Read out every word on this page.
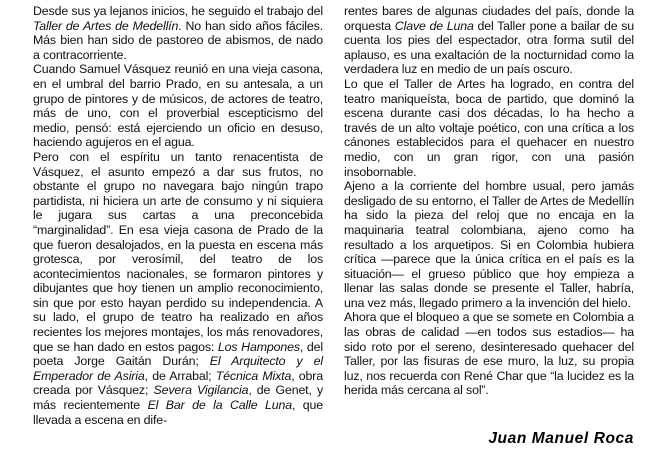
Desde sus ya lejanos inicios, he seguido el trabajo del Taller de Artes de Medellín. No han sido años fáciles. Más bien han sido de pastoreo de abismos, de nado a contracorriente.

Cuando Samuel Vásquez reunió en una vieja casona, en el umbral del barrio Prado, en su antesala, a un grupo de pintores y de músicos, de actores de teatro, más de uno, con el proverbial escepticismo del medio, pensó: está ejerciendo un oficio en desuso, haciendo agujeros en el agua.

Pero con el espíritu un tanto renacentista de Vásquez, el asunto empezó a dar sus frutos, no obstante el grupo no navegara bajo ningún trapo partidista, ni hiciera un arte de consumo y ni siquiera le jugara sus cartas a una preconcebida “marginalidad”. En esa vieja casona de Prado de la que fueron desalojados, en la puesta en escena más grotesca, por verosímil, del teatro de los acontecimientos nacionales, se formaron pintores y dibujantes que hoy tienen un amplio reconocimiento, sin que por esto hayan perdido su independencia. A su lado, el grupo de teatro ha realizado en años recientes los mejores montajes, los más renovadores, que se han dado en estos pagos: Los Hampones, del poeta Jorge Gaitán Durán; El Arquitecto y el Emperador de Asiria, de Arrabal; Técnica Mixta, obra creada por Vásquez; Severa Vigilancia, de Genet, y más recientemente El Bar de la Calle Luna, que llevada a escena en dife-

rentes bares de algunas ciudades del país, donde la orquesta Clave de Luna del Taller pone a bailar de su cuenta los pies del espectador, otra forma sutil del aplauso, es una exaltación de la nocturnidad como la verdadera luz en medio de un país oscuro.

Lo que el Taller de Artes ha logrado, en contra del teatro maniqueísta, boca de partido, que dominó la escena durante casi dos décadas, lo ha hecho a través de un alto voltaje poético, con una crítica a los cánones establecidos para el quehacer en nuestro medio, con un gran rigor, con una pasión insobornable.

Ajeno a la corriente del hombre usual, pero jamás desligado de su entorno, el Taller de Artes de Medellín ha sido la pieza del reloj que no encaja en la maquinaria teatral colombiana, ajeno como ha resultado a los arquetipos. Si en Colombia hubiera crítica —parece que la única crítica en el país es la situación— el grueso público que hoy empieza a llenar las salas donde se presente el Taller, habría, una vez más, llegado primero a la invención del hielo.

Ahora que el bloqueo a que se somete en Colombia a las obras de calidad —en todos sus estadios— ha sido roto por el sereno, desinteresado quehacer del Taller, por las fisuras de ese muro, la luz, su propia luz, nos recuerda con René Char que “la lucidez es la herida más cercana al sol”.

Juan Manuel Roca
